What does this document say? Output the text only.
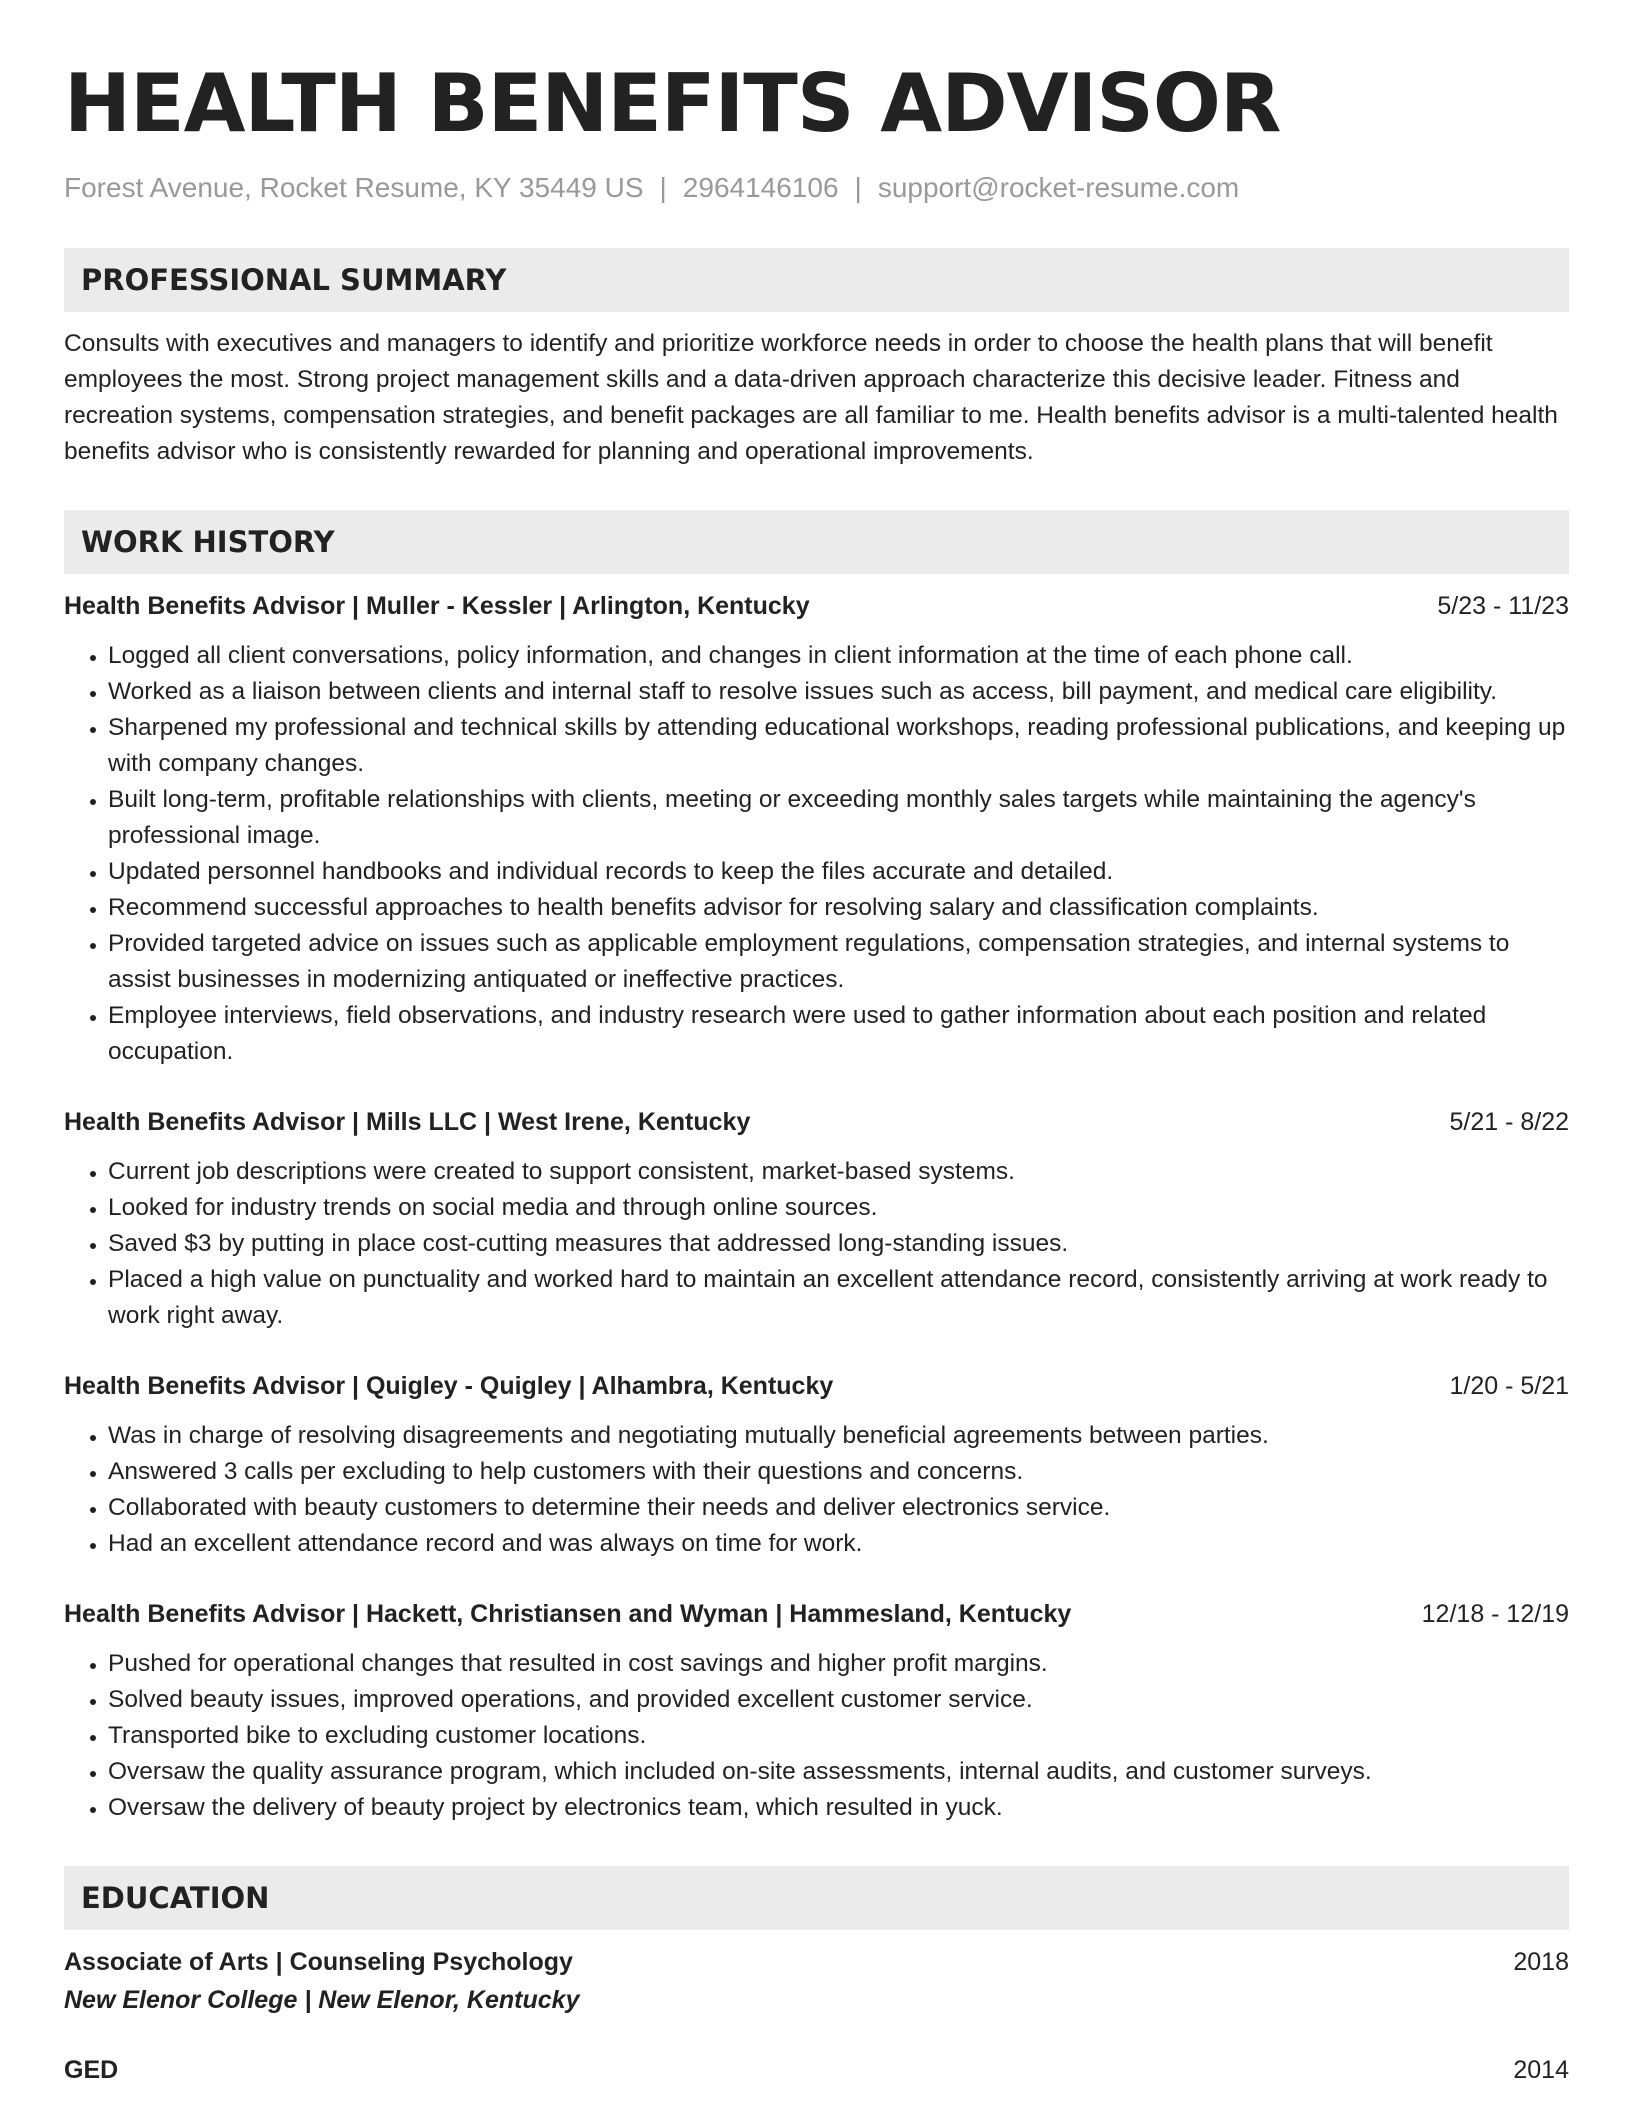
HEALTH BENEFITS ADVISOR
Forest Avenue, Rocket Resume, KY 35449 US | 2964146106 | support@rocket-resume.com
PROFESSIONAL SUMMARY
Consults with executives and managers to identify and prioritize workforce needs in order to choose the health plans that will benefit employees the most. Strong project management skills and a data-driven approach characterize this decisive leader. Fitness and recreation systems, compensation strategies, and benefit packages are all familiar to me. Health benefits advisor is a multi-talented health benefits advisor who is consistently rewarded for planning and operational improvements.
WORK HISTORY
Health Benefits Advisor | Muller - Kessler | Arlington, Kentucky	5/23 - 11/23
• Logged all client conversations, policy information, and changes in client information at the time of each phone call.
• Worked as a liaison between clients and internal staff to resolve issues such as access, bill payment, and medical care eligibility.
• Sharpened my professional and technical skills by attending educational workshops, reading professional publications, and keeping up with company changes.
• Built long-term, profitable relationships with clients, meeting or exceeding monthly sales targets while maintaining the agency's professional image.
• Updated personnel handbooks and individual records to keep the files accurate and detailed.
• Recommend successful approaches to health benefits advisor for resolving salary and classification complaints.
• Provided targeted advice on issues such as applicable employment regulations, compensation strategies, and internal systems to assist businesses in modernizing antiquated or ineffective practices.
• Employee interviews, field observations, and industry research were used to gather information about each position and related occupation.
Health Benefits Advisor | Mills LLC | West Irene, Kentucky	5/21 - 8/22
• Current job descriptions were created to support consistent, market-based systems.
• Looked for industry trends on social media and through online sources.
• Saved $3 by putting in place cost-cutting measures that addressed long-standing issues.
• Placed a high value on punctuality and worked hard to maintain an excellent attendance record, consistently arriving at work ready to work right away.
Health Benefits Advisor | Quigley - Quigley | Alhambra, Kentucky	1/20 - 5/21
• Was in charge of resolving disagreements and negotiating mutually beneficial agreements between parties.
• Answered 3 calls per excluding to help customers with their questions and concerns.
• Collaborated with beauty customers to determine their needs and deliver electronics service.
• Had an excellent attendance record and was always on time for work.
Health Benefits Advisor | Hackett, Christiansen and Wyman | Hammesland, Kentucky	12/18 - 12/19
• Pushed for operational changes that resulted in cost savings and higher profit margins.
• Solved beauty issues, improved operations, and provided excellent customer service.
• Transported bike to excluding customer locations.
• Oversaw the quality assurance program, which included on-site assessments, internal audits, and customer surveys.
• Oversaw the delivery of beauty project by electronics team, which resulted in yuck.
EDUCATION
Associate of Arts | Counseling Psychology	2018
New Elenor College | New Elenor, Kentucky
GED	2014
